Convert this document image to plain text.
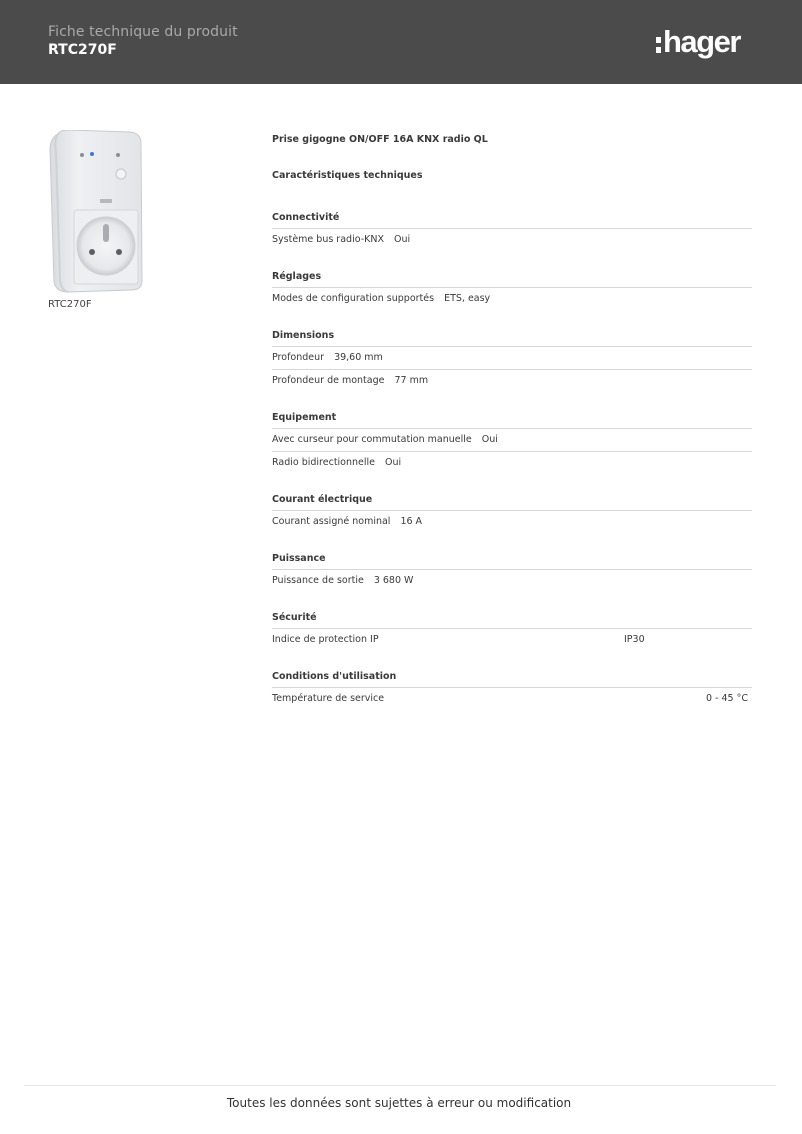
Fiche technique du produit
RTC270F	hager
RTC270F
Prise gigogne ON/OFF 16A KNX radio QL
Caractéristiques techniques
Connectivité
Système bus radio-KNX Oui
Réglages
Modes de configuration supportés ETS, easy
Dimensions
Profondeur 39,60 mm
Profondeur de montage 77 mm
Equipement
Avec curseur pour commutation manuelle Oui
Radio bidirectionnelle Oui
Courant électrique
Courant assigné nominal 16 A
Puissance
Puissance de sortie 3 680 W
Sécurité
Indice de protection IP	IP30
Conditions d'utilisation
Température de service	0 - 45 °C
Toutes les données sont sujettes à erreur ou modification
